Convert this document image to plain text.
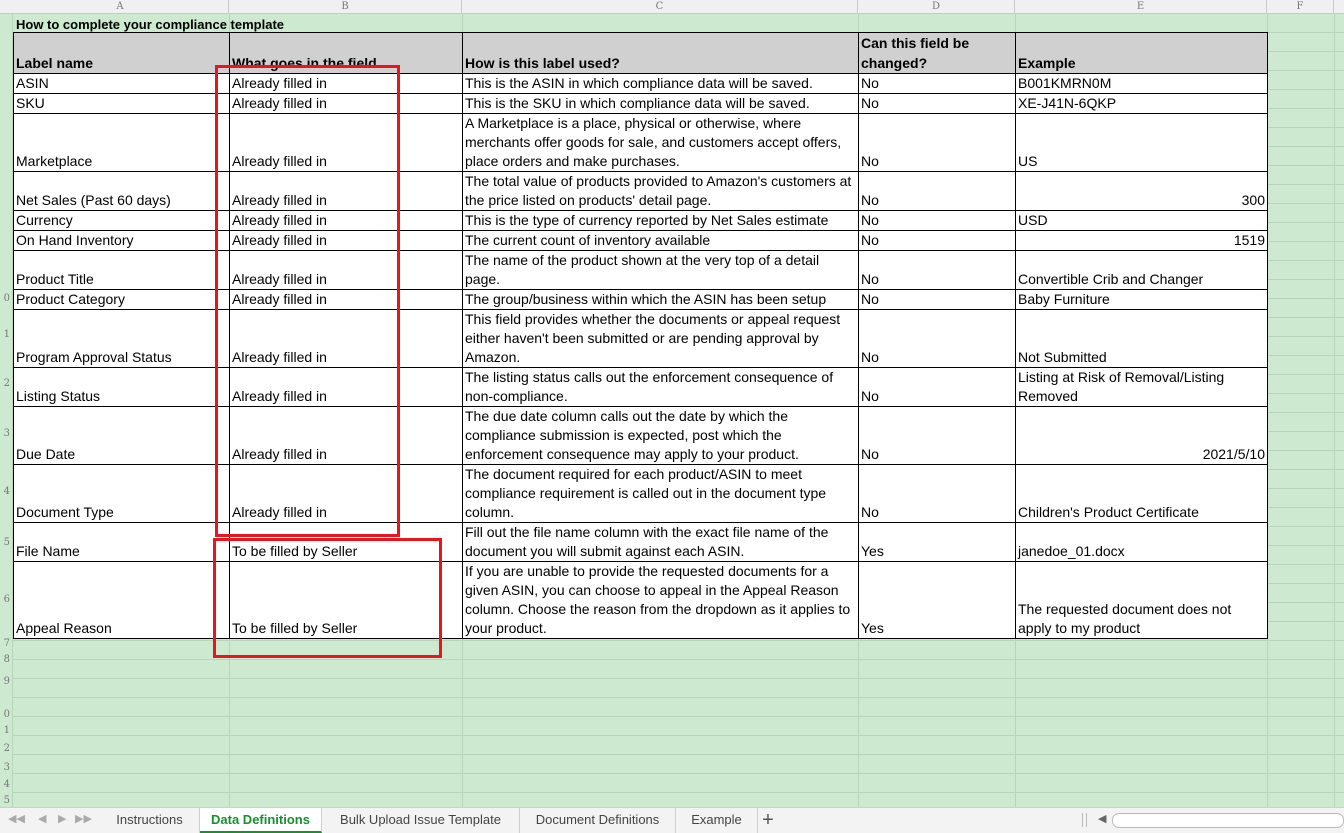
A	B	C	D	E	F
0
1
2
3
4
5
6
7
8
9
0
1
2
3
4
5
How to complete your compliance template
Label name	What goes in the field	How is this label used?	Can this field be changed?	Example
ASIN	Already filled in	This is the ASIN in which compliance data will be saved.	No	B001KMRN0M
SKU	Already filled in	This is the SKU in which compliance data will be saved.	No	XE-J41N-6QKP
Marketplace	Already filled in	A Marketplace is a place, physical or otherwise, where merchants offer goods for sale, and customers accept offers, place orders and make purchases.	No	US
Net Sales (Past 60 days)	Already filled in	The total value of products provided to Amazon's customers at the price listed on products' detail page.	No	300
Currency	Already filled in	This is the type of currency reported by Net Sales estimate	No	USD
On Hand Inventory	Already filled in	The current count of inventory available	No	1519
Product Title	Already filled in	The name of the product shown at the very top of a detail page.	No	Convertible Crib and Changer
Product Category	Already filled in	The group/business within which the ASIN has been setup	No	Baby Furniture
Program Approval Status	Already filled in	This field provides whether the documents or appeal request either haven't been submitted or are pending approval by Amazon.	No	Not Submitted
Listing Status	Already filled in	The listing status calls out the enforcement consequence of non-compliance.	No	Listing at Risk of Removal/Listing Removed
Due Date	Already filled in	The due date column calls out the date by which the compliance submission is expected, post which the enforcement consequence may apply to your product.	No	2021/5/10
Document Type	Already filled in	The document required for each product/ASIN to meet compliance requirement is called out in the document type column.	No	Children's Product Certificate
File Name	To be filled by Seller	Fill out the file name column with the exact file name of the document you will submit against each ASIN.	Yes	janedoe_01.docx
Appeal Reason	To be filled by Seller	If you are unable to provide the requested documents for a given ASIN, you can choose to appeal in the Appeal Reason column. Choose the reason from the dropdown as it applies to your product.	Yes	The requested document does not apply to my product
◀◀ ◀ ▶ ▶▶	Instructions	Data Definitions	Bulk Upload Issue Template	Document Definitions	Example	+	◀
